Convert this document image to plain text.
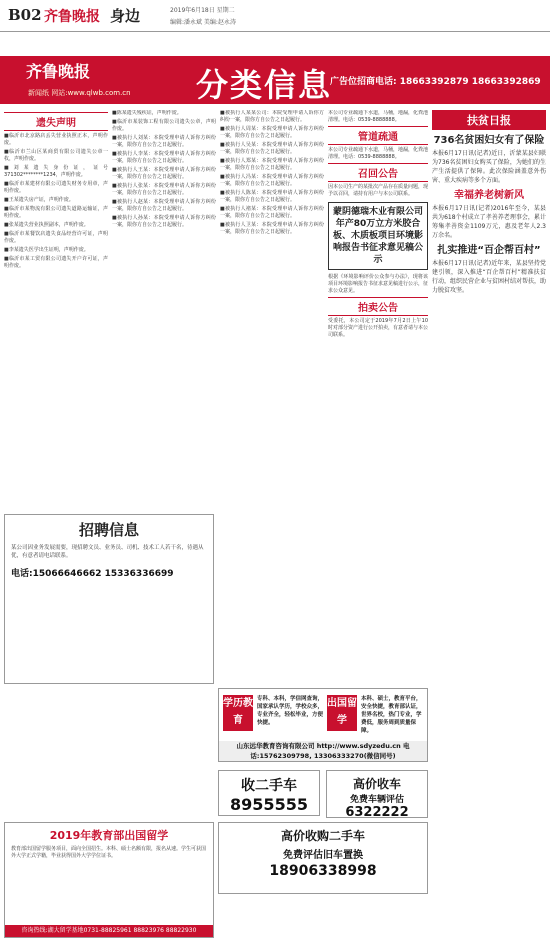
B02 齐鲁晚报 身边	2019年6月18日 星期二
编辑:潘永斌 美编:赵永涛
齐鲁晚报
新闻纸 网站:www.qlwb.com.cn 分类信息
广告位招商电话: 18663392879 18663392869
遗失声明
■临沂市北京路店丢失营业执照正本，声明作废。
■临沂市兰山区某商贸有限公司遗失公章一枚，声明作废。
■刘某遗失身份证，证号371302********1234，声明作废。
■临沂市某建材有限公司遗失财务专用章，声明作废。
■王某遗失房产证，声明作废。
■临沂市某物流有限公司遗失道路运输证，声明作废。
■张某遗失营业执照副本，声明作废。
■临沂市某餐饮店遗失食品经营许可证，声明作废。
■李某遗失医学出生证明，声明作废。
■临沂市某工贸有限公司遗失开户许可证，声明作废。
■陈某遗失残疾证，声明作废。
■临沂市某装饰工程有限公司遗失公章，声明作废。
■被执行人刘某：本院受理申请人诉你方纠纷一案，限你方自公告之日起履行。
■被执行人李某：本院受理申请人诉你方纠纷一案，限你方自公告之日起履行。
■被执行人王某：本院受理申请人诉你方纠纷一案，限你方自公告之日起履行。
■被执行人张某：本院受理申请人诉你方纠纷一案，限你方自公告之日起履行。
■被执行人赵某：本院受理申请人诉你方纠纷一案，限你方自公告之日起履行。
■被执行人孙某：本院受理申请人诉你方纠纷一案，限你方自公告之日起履行。
■被执行人某某公司：本院受理申请人诉你方纠纷一案，限你方自公告之日起履行。
■被执行人周某：本院受理申请人诉你方纠纷一案，限你方自公告之日起履行。
■被执行人吴某：本院受理申请人诉你方纠纷一案，限你方自公告之日起履行。
■被执行人郑某：本院受理申请人诉你方纠纷一案，限你方自公告之日起履行。
■被执行人冯某：本院受理申请人诉你方纠纷一案，限你方自公告之日起履行。
■被执行人陈某：本院受理申请人诉你方纠纷一案，限你方自公告之日起履行。
■被执行人褚某：本院受理申请人诉你方纠纷一案，限你方自公告之日起履行。
■被执行人卫某：本院受理申请人诉你方纠纷一案，限你方自公告之日起履行。
本公司专业疏通下水道，马桶，地漏，化粪池清理。电话：0539-8888888。
管道疏通
本公司专业疏通下水道，马桶，地漏，化粪池清理。电话：0539-8888888。
召回公告
因本公司生产的某批次产品存在质量问题，现予以召回，请持有用户与本公司联系。
蒙阴德瑞木业有限公司年产80万立方米胶合板、木质板项目环境影响报告书征求意见稿公示
根据《环境影响评价公众参与办法》，现将该项目环境影响报告书征求意见稿进行公示，征求公众意见。
拍卖公告
受委托，本公司定于2019年7月2日上午10时对部分资产进行公开拍卖，有意者请与本公司联系。
扶贫日报
736名贫困妇女有了保险
本报6月17日讯(记者)近日，沂蒙某县妇联为736名贫困妇女购买了保险，为她们的生产生活提供了保障。此次保险涵盖意外伤害、重大疾病等多个方面。
幸福养老树新风
本报6月17日讯(记者)2016年至今，某县共为618个村成立了孝善养老理事会，累计筹集孝善资金1109万元，惠及老年人2.3万余名。
扎实推进“百企帮百村”
本报6月17日讯(记者)近年来，某县坚持党建引领，深入推进“百企帮百村”精准扶贫行动，组织民营企业与贫困村结对帮扶，助力脱贫攻坚。
招聘信息
某公司因业务发展需要，现招聘文员、业务员、司机、技术工人若干名，待遇从优，有意者请电话联系。
电话:15066646662 15336336699
学历教育
专科、本科，学信网查询，国家承认学历，学校众多，专业齐全，轻松毕业，方便快捷。
出国留学
本科、硕士，教育平台，安全快捷，教育部认证，世界名校，热门专业，学费低，服务周到质量保障。
山东远华教育咨询有限公司 http://www.sdyzedu.cn 电话:15762309798, 13306333270(微信同号)
收二手车
8955555
高价收车
免费车辆评估
6322222
高价收购二手车
免费评估旧车置换
18906338998
2019年教育部出国留学
教育部出国留学服务项目，面向全国招生。本科、硕士名额有限，报名从速。学生可获国外大学正式学籍，毕业获得国外大学学位证书。
咨询热线:湖大留学基地0731-88825961 88823976 88822930
